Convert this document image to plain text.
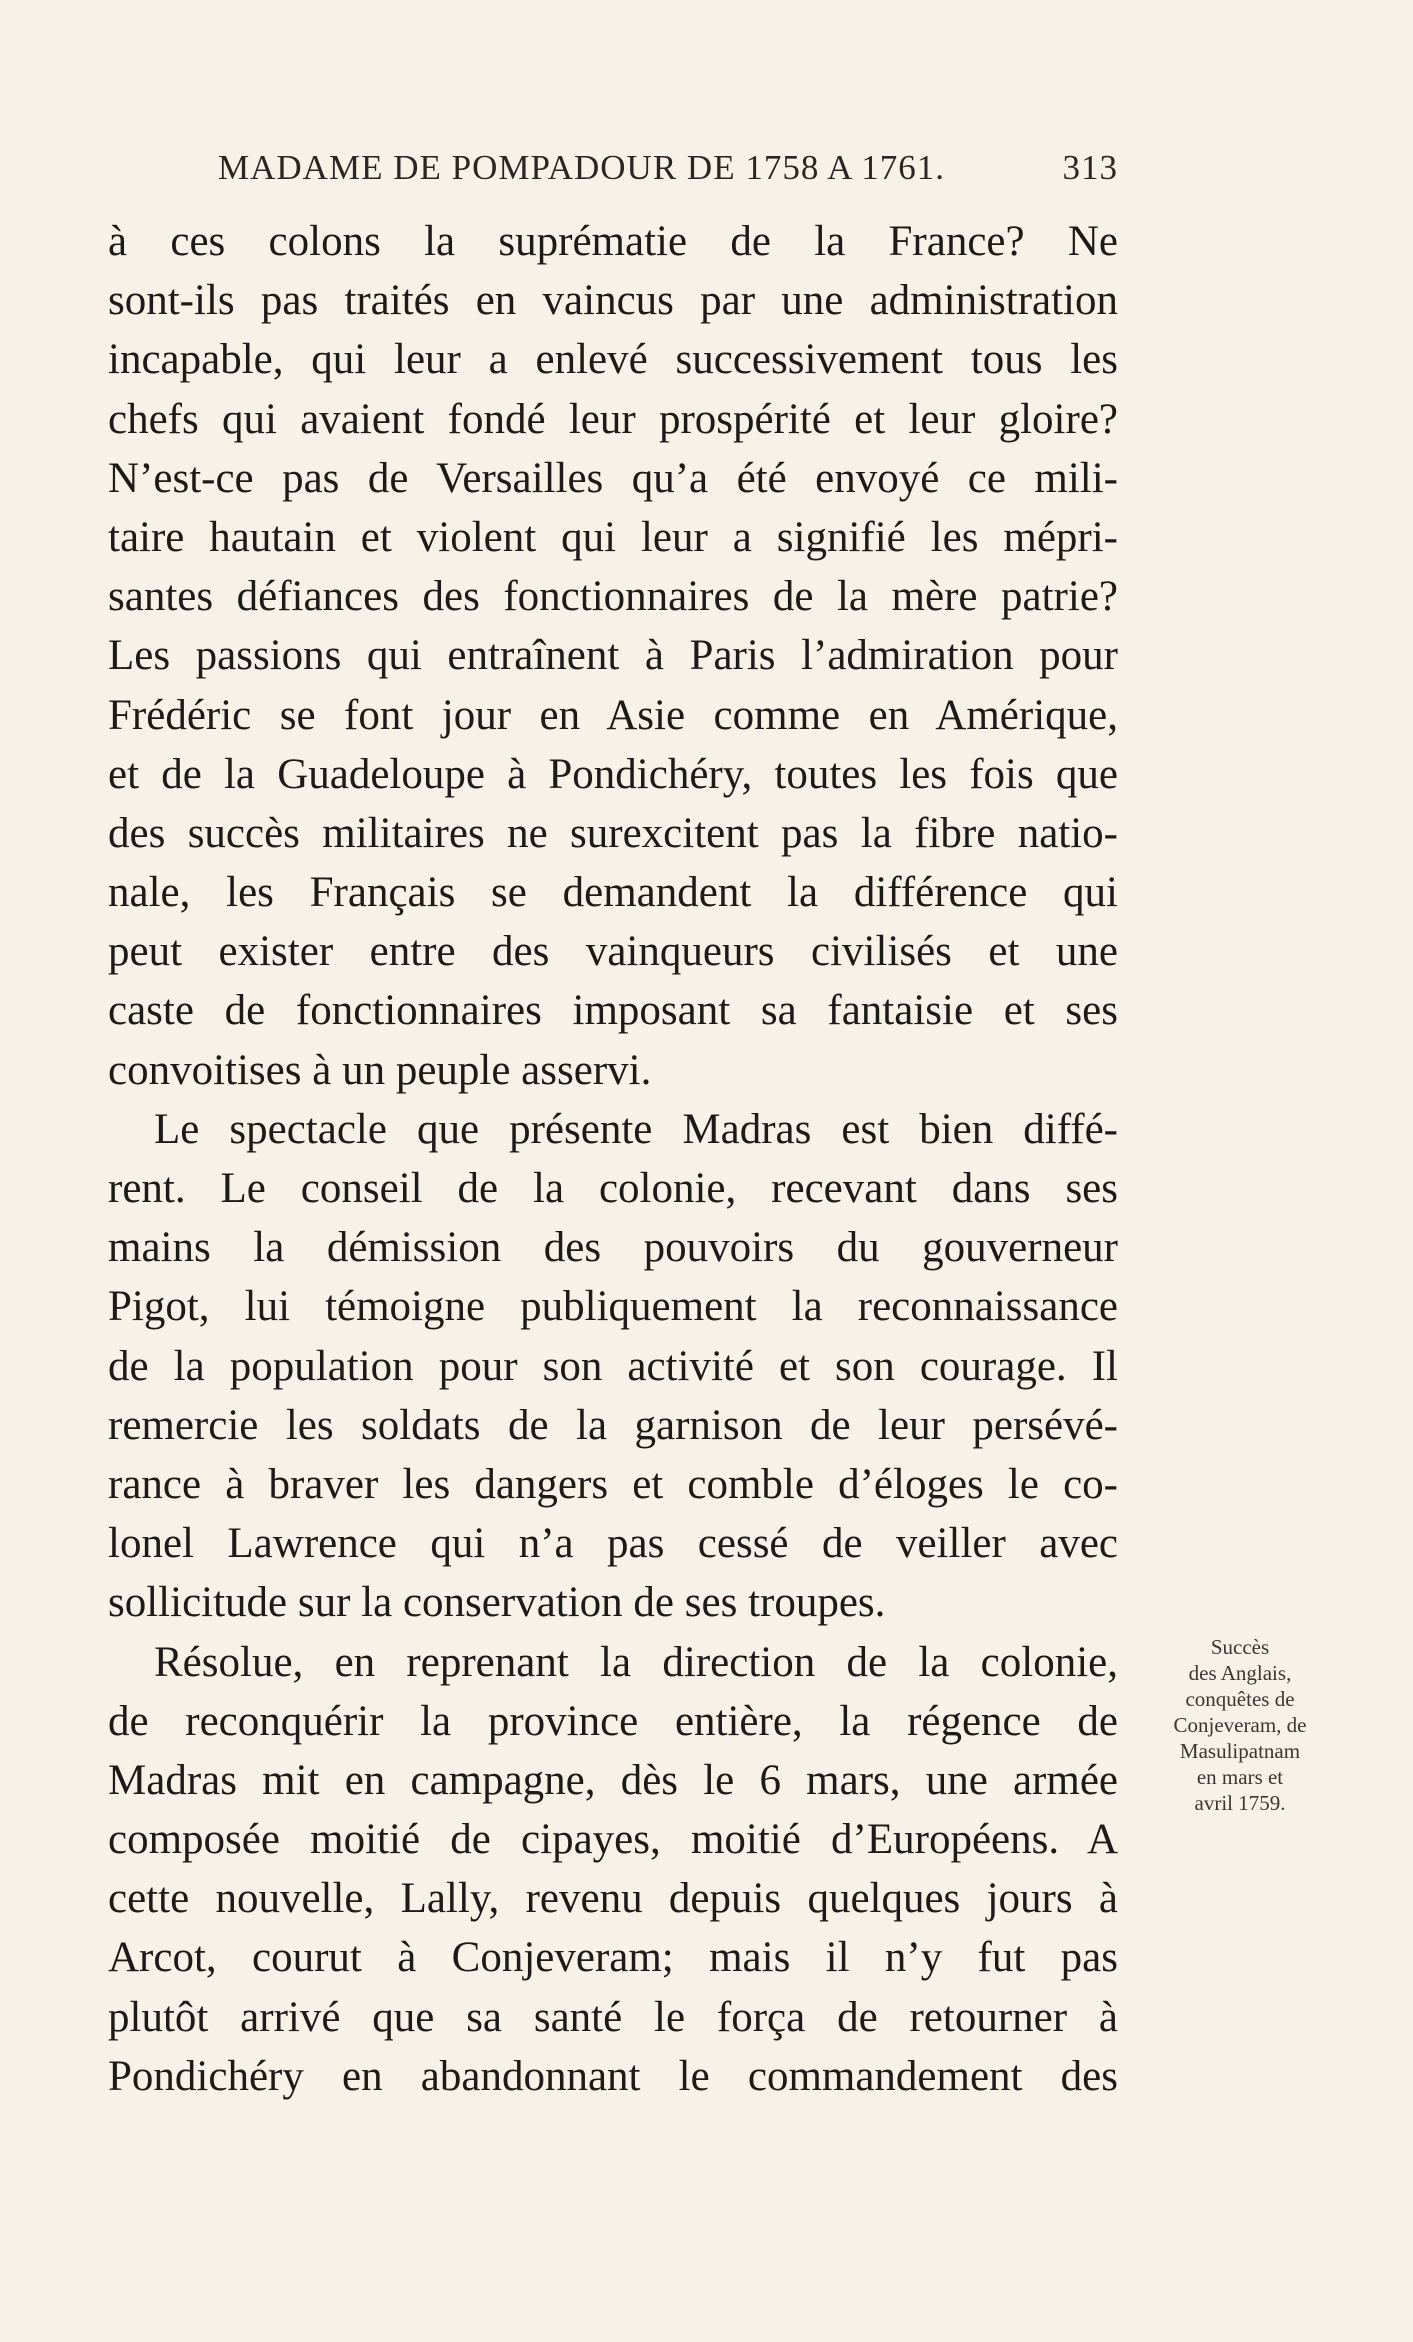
MADAME DE POMPADOUR DE 1758 A 1761.	313
à ces colons la suprématie de la France? Ne
sont-ils pas traités en vaincus par une administration
incapable, qui leur a enlevé successivement tous les
chefs qui avaient fondé leur prospérité et leur gloire?
N’est-ce pas de Versailles qu’a été envoyé ce mili-
taire hautain et violent qui leur a signifié les mépri-
santes défiances des fonctionnaires de la mère patrie?
Les passions qui entraînent à Paris l’admiration pour
Frédéric se font jour en Asie comme en Amérique,
et de la Guadeloupe à Pondichéry, toutes les fois que
des succès militaires ne surexcitent pas la fibre natio-
nale, les Français se demandent la différence qui
peut exister entre des vainqueurs civilisés et une
caste de fonctionnaires imposant sa fantaisie et ses
convoitises à un peuple asservi.
Le spectacle que présente Madras est bien diffé-
rent. Le conseil de la colonie, recevant dans ses
mains la démission des pouvoirs du gouverneur
Pigot, lui témoigne publiquement la reconnaissance
de la population pour son activité et son courage. Il
remercie les soldats de la garnison de leur persévé-
rance à braver les dangers et comble d’éloges le co-
lonel Lawrence qui n’a pas cessé de veiller avec
sollicitude sur la conservation de ses troupes.
Résolue, en reprenant la direction de la colonie,
de reconquérir la province entière, la régence de
Madras mit en campagne, dès le 6 mars, une armée
composée moitié de cipayes, moitié d’Européens. A
cette nouvelle, Lally, revenu depuis quelques jours à
Arcot, courut à Conjeveram; mais il n’y fut pas
plutôt arrivé que sa santé le força de retourner à
Pondichéry en abandonnant le commandement des
Succès
des Anglais,
conquêtes de
Conjeveram, de
Masulipatnam
en mars et
avril 1759.
